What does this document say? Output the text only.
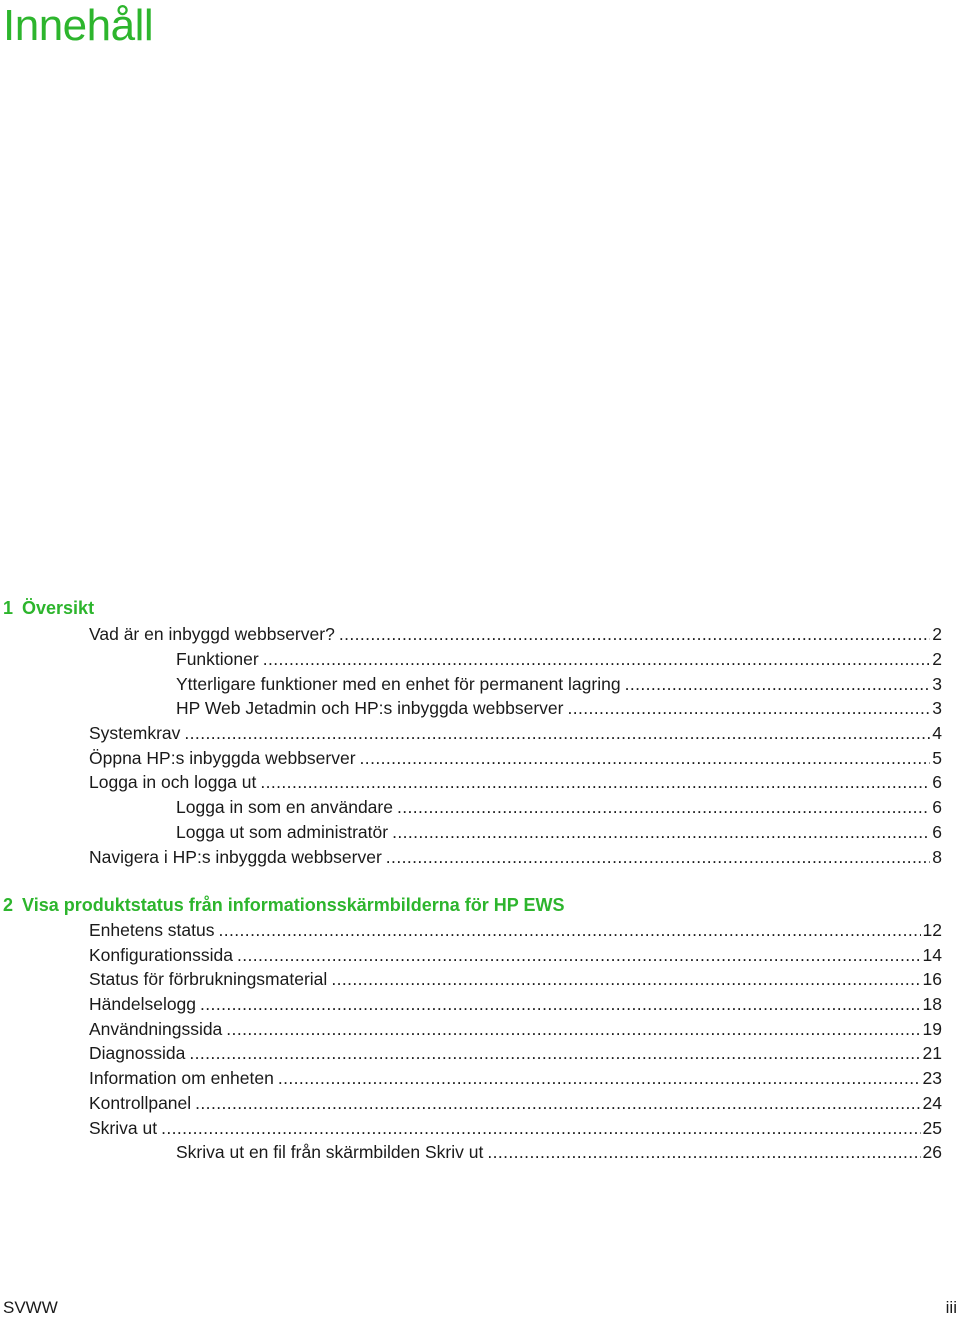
Innehåll
1 Översikt
Vad är en inbyggd webbserver? .....	2
Funktioner .....	2
Ytterligare funktioner med en enhet för permanent lagring .....	3
HP Web Jetadmin och HP:s inbyggda webbserver .....	3
Systemkrav .....	4
Öppna HP:s inbyggda webbserver .....	5
Logga in och logga ut .....	6
Logga in som en användare .....	6
Logga ut som administratör .....	6
Navigera i HP:s inbyggda webbserver .....	8
2 Visa produktstatus från informationsskärmbilderna för HP EWS
Enhetens status .....	12
Konfigurationssida .....	14
Status för förbrukningsmaterial .....	16
Händelselogg .....	18
Användningssida .....	19
Diagnossida .....	21
Information om enheten .....	23
Kontrollpanel .....	24
Skriva ut .....	25
Skriva ut en fil från skärmbilden Skriv ut .....	26
SVWW	iii
